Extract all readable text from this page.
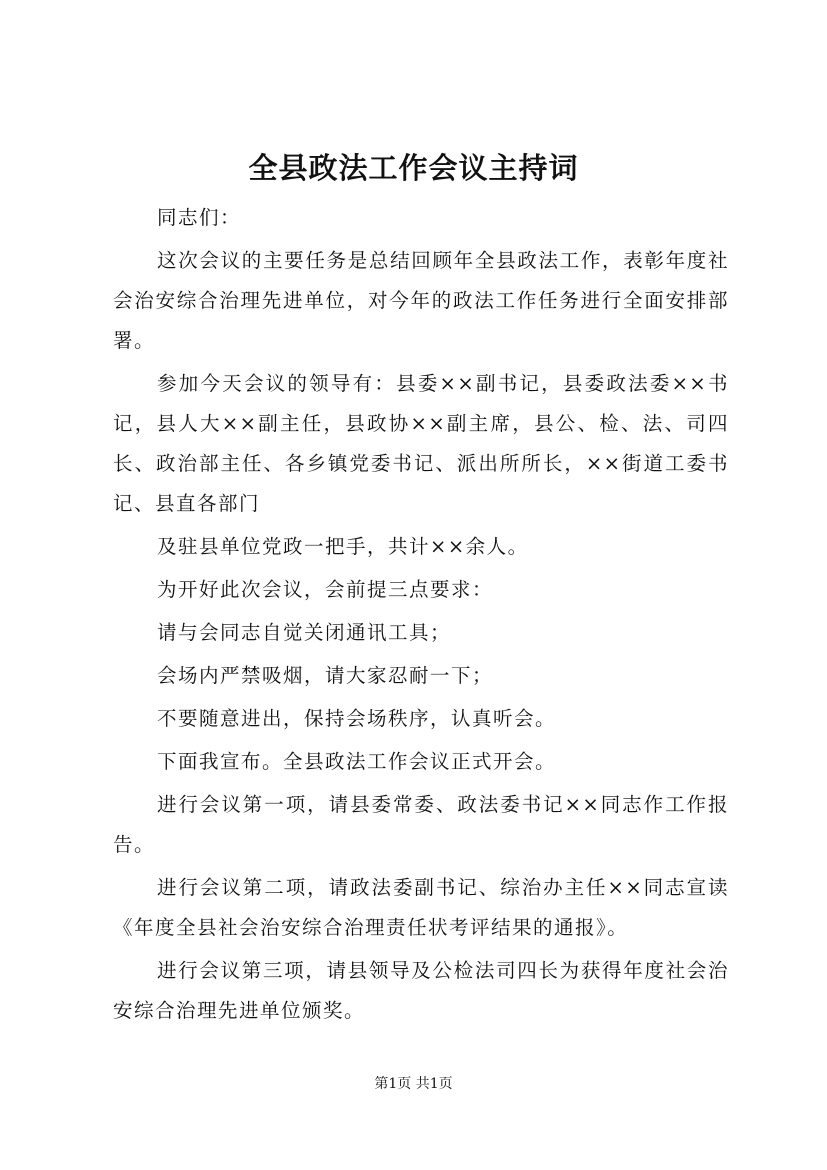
全县政法工作会议主持词

同志们：

这次会议的主要任务是总结回顾年全县政法工作，表彰年度社会治安综合治理先进单位，对今年的政法工作任务进行全面安排部署。

参加今天会议的领导有：县委××副书记，县委政法委××书记，县人大××副主任，县政协××副主席，县公、检、法、司四长、政治部主任、各乡镇党委书记、派出所所长，××街道工委书记、县直各部门

及驻县单位党政一把手，共计××余人。

为开好此次会议，会前提三点要求：

请与会同志自觉关闭通讯工具；

会场内严禁吸烟，请大家忍耐一下；

不要随意进出，保持会场秩序，认真听会。

下面我宣布。全县政法工作会议正式开会。

进行会议第一项，请县委常委、政法委书记××同志作工作报告。

进行会议第二项，请政法委副书记、综治办主任××同志宣读《年度全县社会治安综合治理责任状考评结果的通报》。

进行会议第三项，请县领导及公检法司四长为获得年度社会治安综合治理先进单位颁奖。

第1页 共1页
